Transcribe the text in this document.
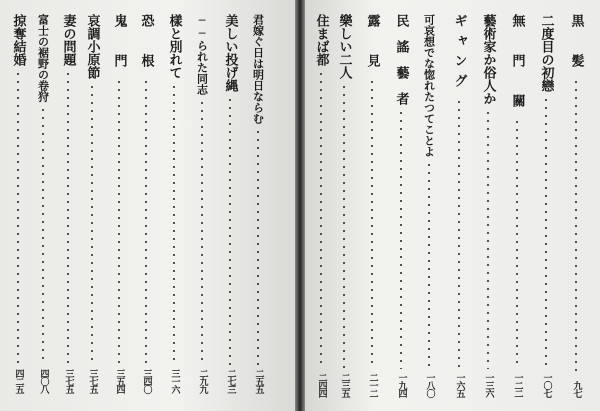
黒　髪
九七
二度目の初戀
一〇七
無　門　關
一二二
藝術家か俗人か
一三六
ギャング
一六五
可哀想でな惚れたつてことよ
一八〇
民　謠　藝　者
一九四
露　見
二一二
樂しい二人
二三五
住まば都
二四四
君嫁ぐ日は明日ならむ
二五五
美しい投げ縄
二七三
──られた同志
二九九
樣と別れて
三一六
恐　根
三四〇
鬼　門
三五四
哀調小原節
三七五
妻の問題
三七五
富士の裾野の卷狩
四〇八
掠奪結婚
四二五
